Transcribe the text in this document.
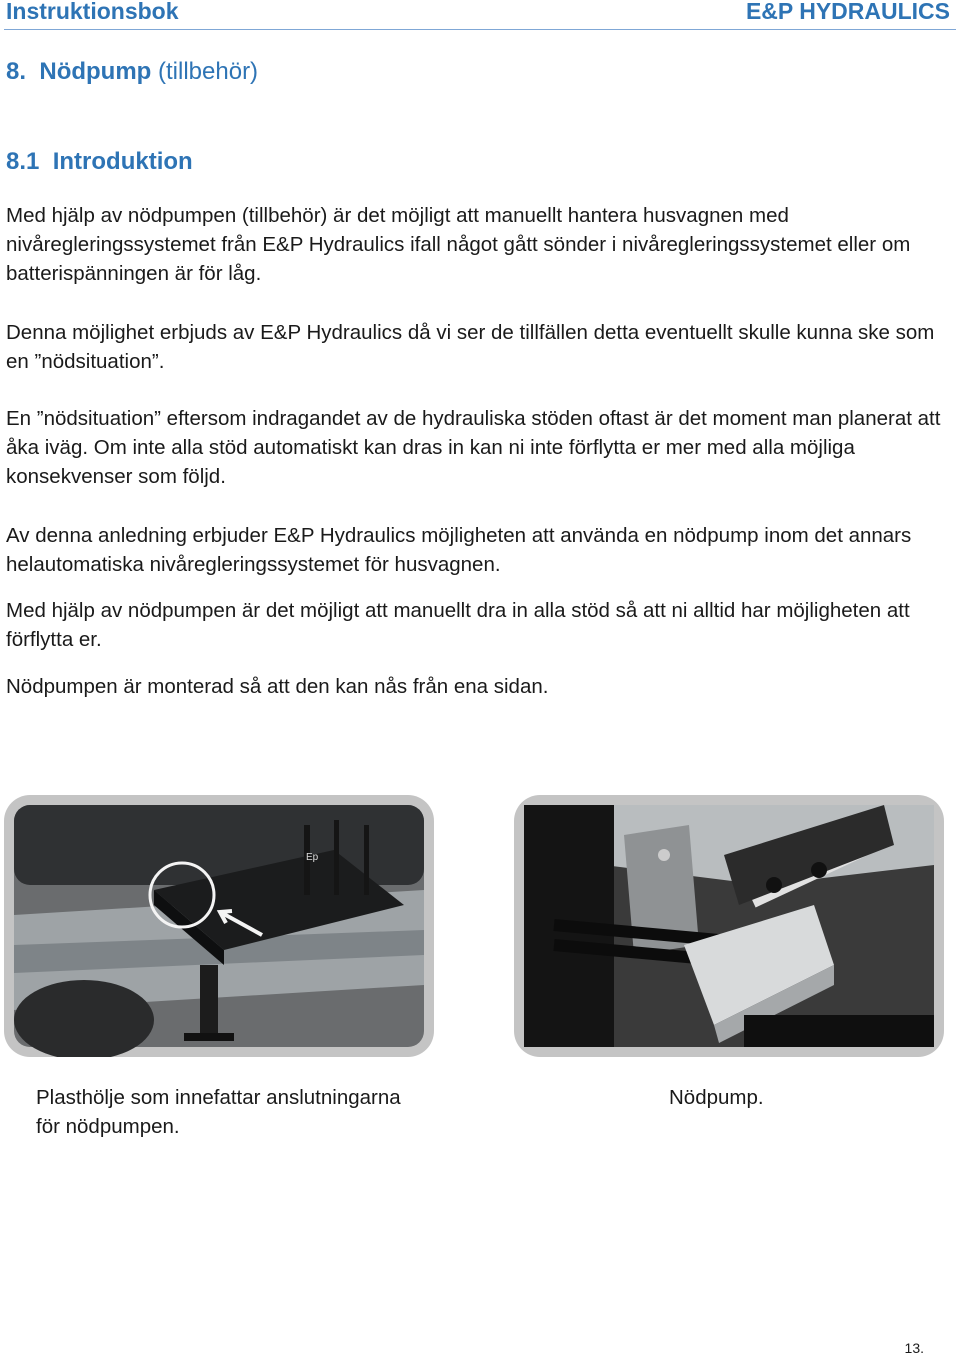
Instruktionsbok	E&P HYDRAULICS
8. Nödpump (tillbehör)
8.1 Introduktion
Med hjälp av nödpumpen (tillbehör) är det möjligt att manuellt hantera husvagnen med nivåregleringssystemet från E&P Hydraulics ifall något gått sönder i nivåregleringssystemet eller om batterispänningen är för låg.
Denna möjlighet erbjuds av E&P Hydraulics då vi ser de tillfällen detta eventuellt skulle kunna ske som en ”nödsituation”.
En ”nödsituation” eftersom indragandet av de hydrauliska stöden oftast är det moment man planerat att åka iväg. Om inte alla stöd automatiskt kan dras in kan ni inte förflytta er mer med alla möjliga konsekvenser som följd.
Av denna anledning erbjuder E&P Hydraulics möjligheten att använda en nödpump inom det annars helautomatiska nivåregleringssystemet för husvagnen.
Med hjälp av nödpumpen är det möjligt att manuellt dra in alla stöd så att ni alltid har möjligheten att förflytta er.
Nödpumpen är monterad så att den kan nås från ena sidan.
Ep
Plasthölje som innefattar anslutningarna
för nödpumpen.
Nödpump.
13.
